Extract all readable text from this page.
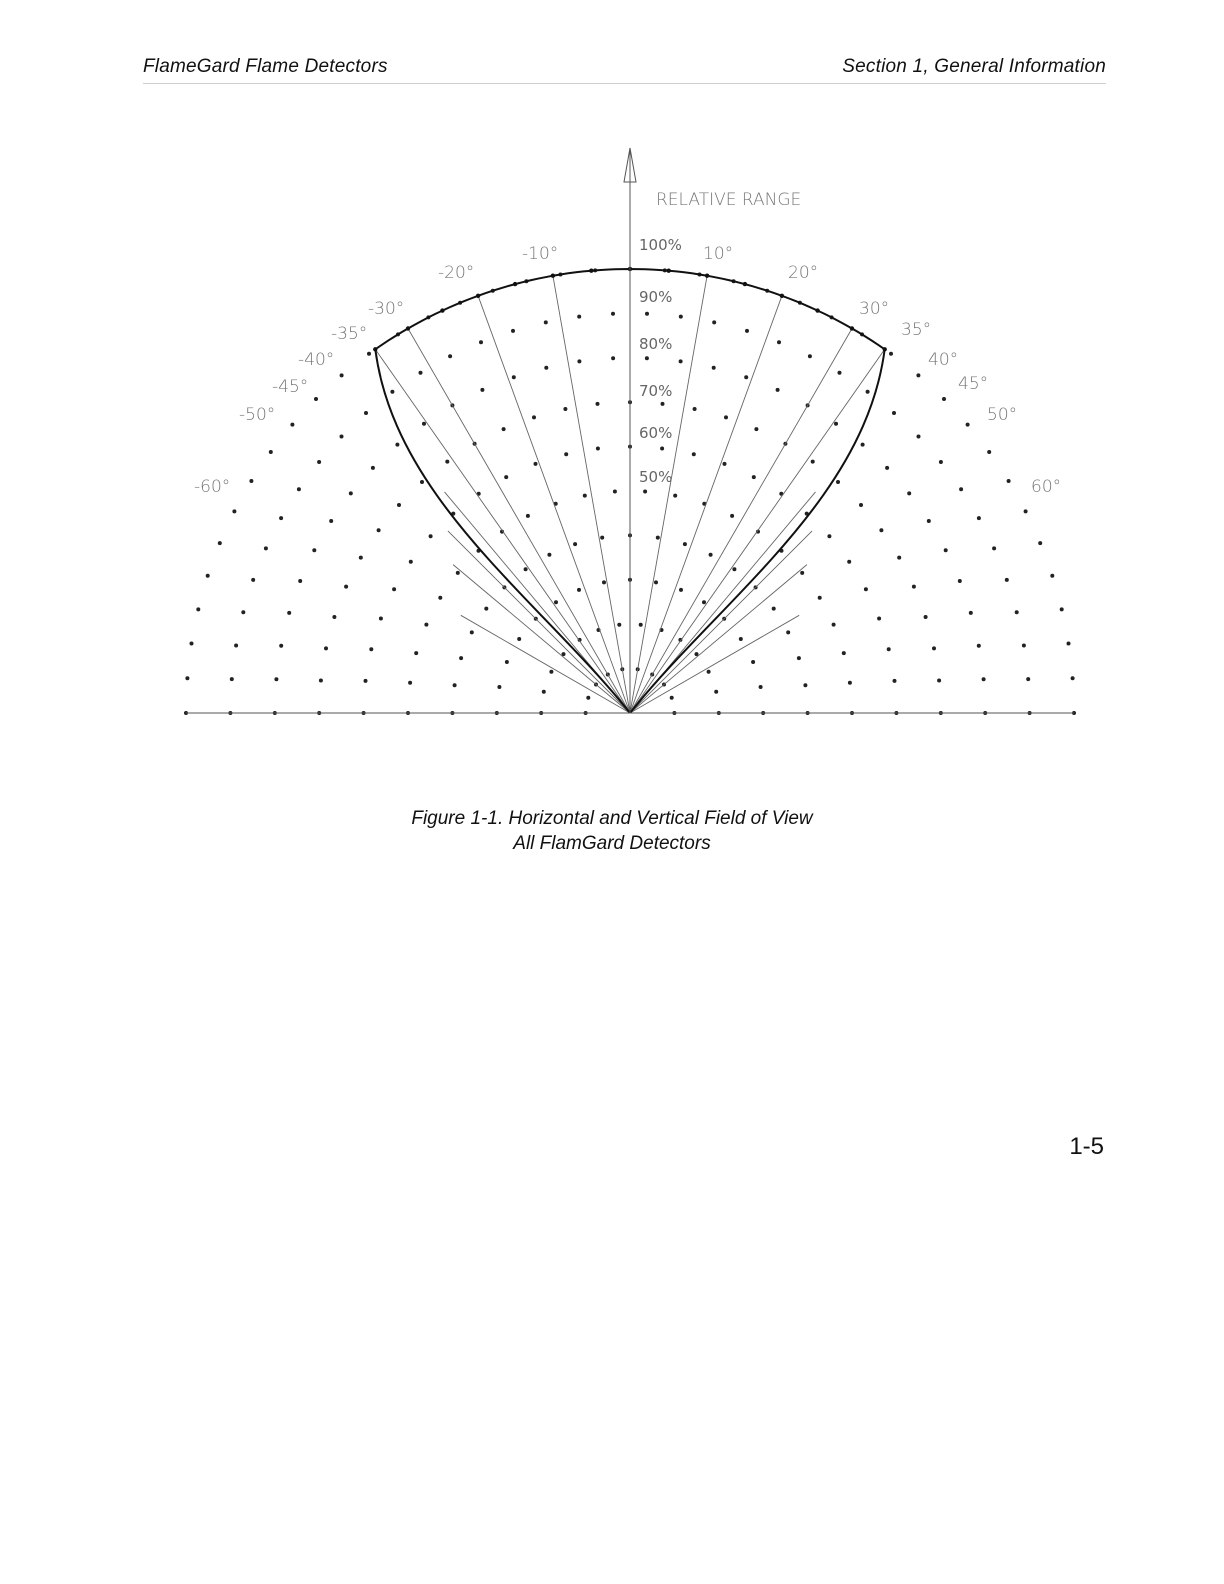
FlameGard Flame Detectors	Section 1, General Information
RELATIVE RANGE
100%
90%
80%
70%
60%
50%
-10°
-20°
-30°
-35°
-40°
-45°
-50°
-60°
10°
20°
30°
35°
40°
45°
50°
60°
Figure 1-1. Horizontal and Vertical Field of View
All FlamGard Detectors
1-5
